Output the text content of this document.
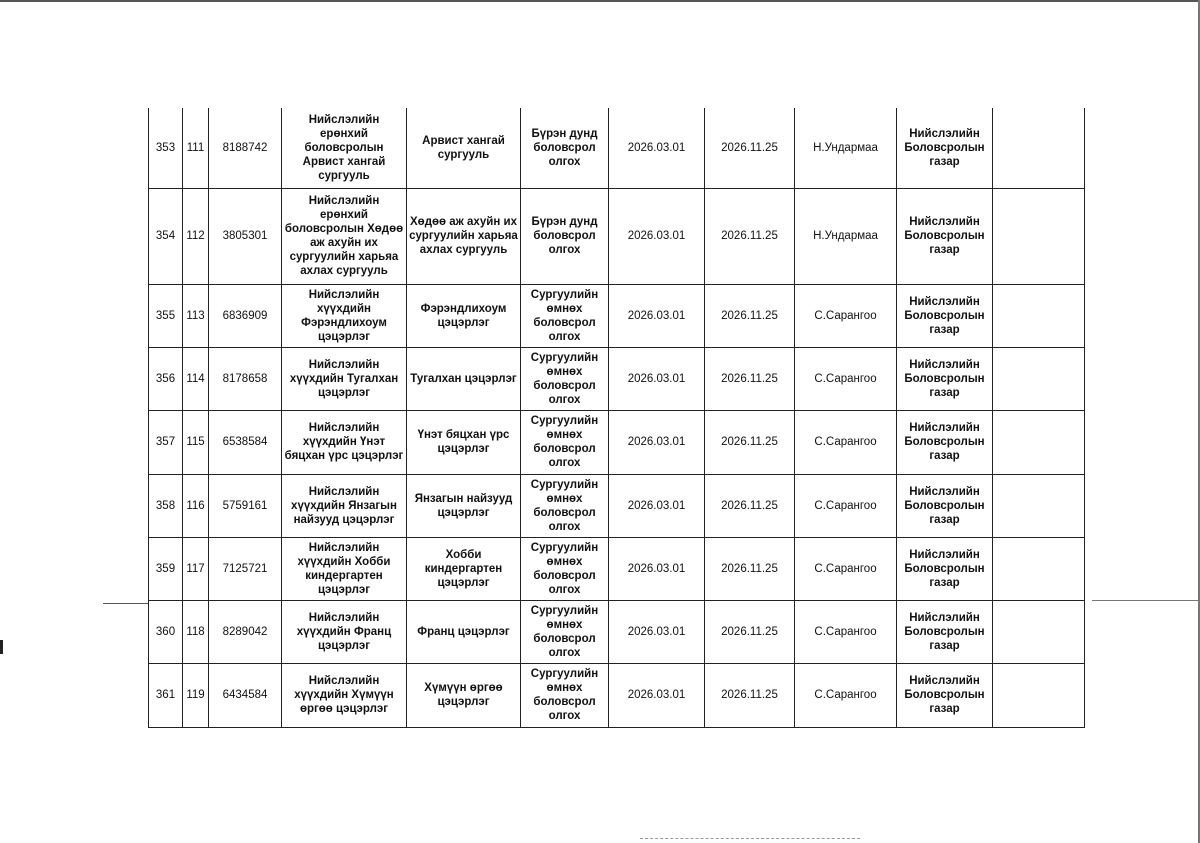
353	111	8188742	Нийслэлийн ерөнхий боловсролын Арвист хангай сургууль	Арвист хангай сургууль	Бүрэн дунд боловсрол олгох	2026.03.01	2026.11.25	Н.Ундармаа	Нийслэлийн Боловсролын газар	
354	112	3805301	Нийслэлийн ерөнхий боловсролын Хөдөө аж ахуйн их сургуулийн харьяа ахлах сургууль	Хөдөө аж ахуйн их сургуулийн харьяа ахлах сургууль	Бүрэн дунд боловсрол олгох	2026.03.01	2026.11.25	Н.Ундармаа	Нийслэлийн Боловсролын газар	
355	113	6836909	Нийслэлийн хүүхдийн Фэрэндлихоум цэцэрлэг	Фэрэндлихоум цэцэрлэг	Сургуулийн өмнөх боловсрол олгох	2026.03.01	2026.11.25	С.Сарангоо	Нийслэлийн Боловсролын газар	
356	114	8178658	Нийслэлийн хүүхдийн Тугалхан цэцэрлэг	Тугалхан цэцэрлэг	Сургуулийн өмнөх боловсрол олгох	2026.03.01	2026.11.25	С.Сарангоо	Нийслэлийн Боловсролын газар	
357	115	6538584	Нийслэлийн хүүхдийн Үнэт бяцхан үрс цэцэрлэг	Үнэт бяцхан үрс цэцэрлэг	Сургуулийн өмнөх боловсрол олгох	2026.03.01	2026.11.25	С.Сарангоо	Нийслэлийн Боловсролын газар	
358	116	5759161	Нийслэлийн хүүхдийн Янзагын найзууд цэцэрлэг	Янзагын найзууд цэцэрлэг	Сургуулийн өмнөх боловсрол олгох	2026.03.01	2026.11.25	С.Сарангоо	Нийслэлийн Боловсролын газар	
359	117	7125721	Нийслэлийн хүүхдийн Хобби киндергартен цэцэрлэг	Хобби киндергартен цэцэрлэг	Сургуулийн өмнөх боловсрол олгох	2026.03.01	2026.11.25	С.Сарангоо	Нийслэлийн Боловсролын газар	
360	118	8289042	Нийслэлийн хүүхдийн Франц цэцэрлэг	Франц цэцэрлэг	Сургуулийн өмнөх боловсрол олгох	2026.03.01	2026.11.25	С.Сарангоо	Нийслэлийн Боловсролын газар	
361	119	6434584	Нийслэлийн хүүхдийн Хүмүүн өргөө цэцэрлэг	Хүмүүн өргөө цэцэрлэг	Сургуулийн өмнөх боловсрол олгох	2026.03.01	2026.11.25	С.Сарангоо	Нийслэлийн Боловсролын газар	
